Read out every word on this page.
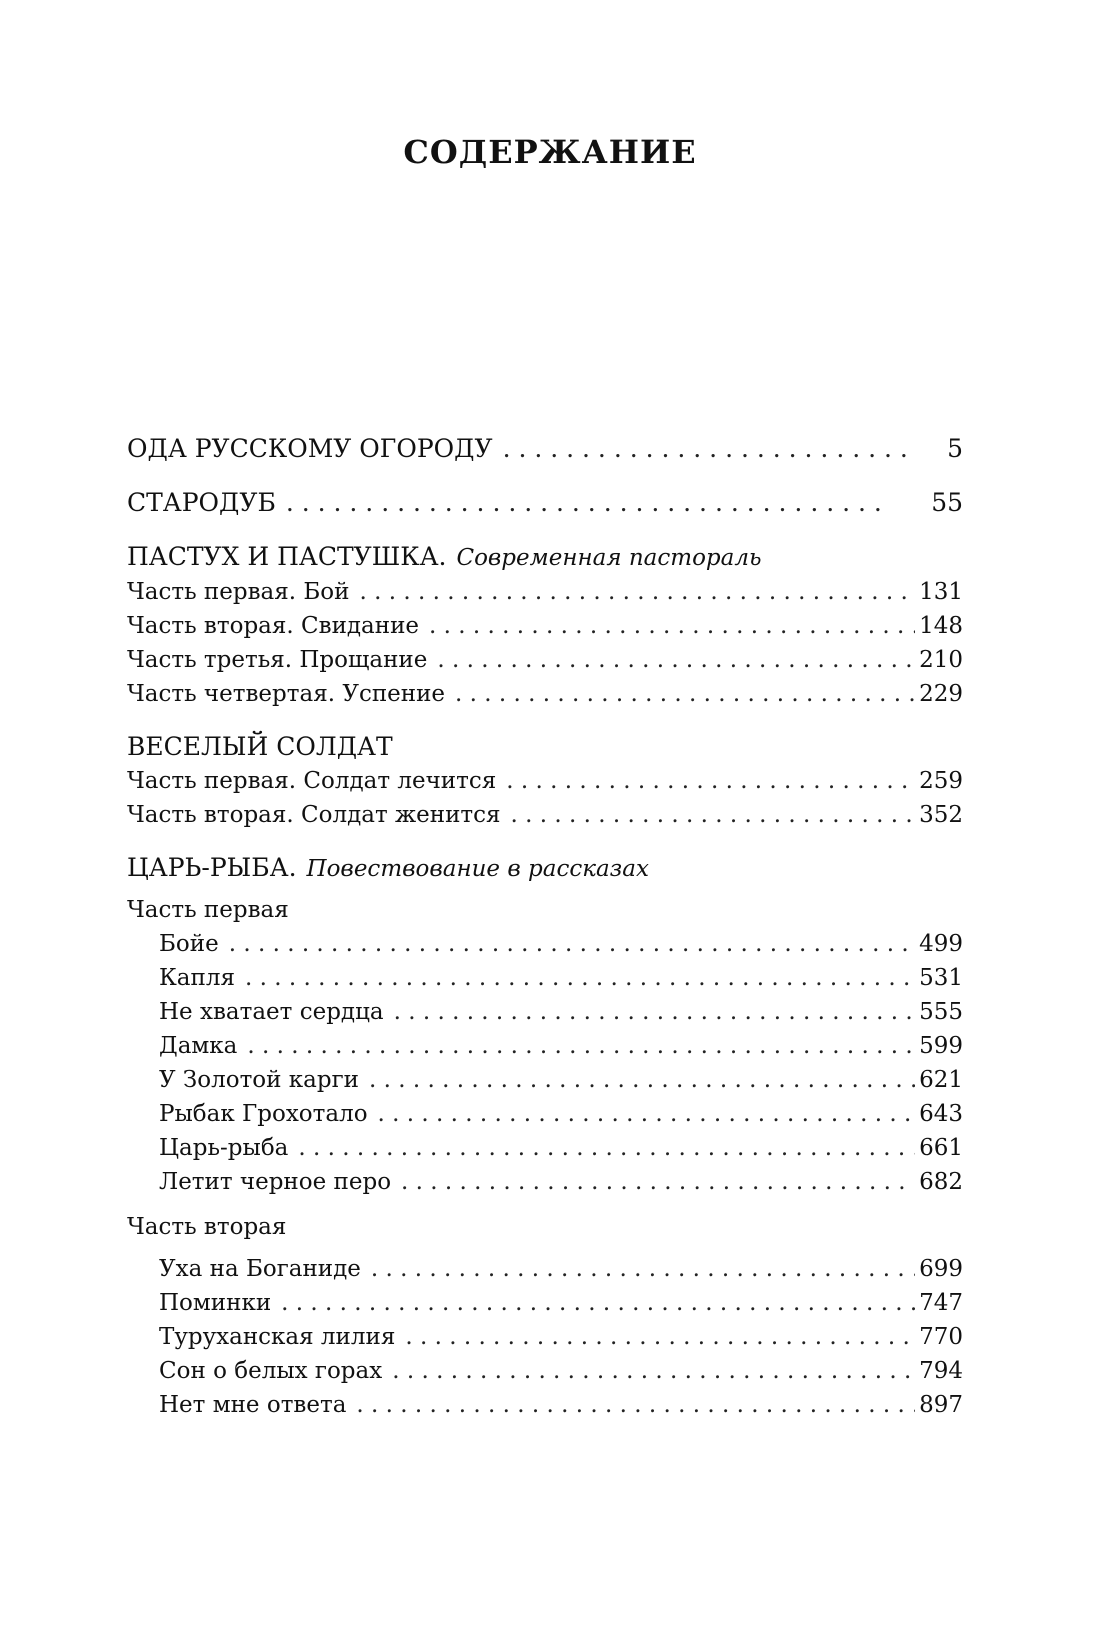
СОДЕРЖАНИЕ
ОДА РУССКОМУ ОГОРОДУ . . .	5
СТАРОДУБ . . .	55
ПАСТУХ И ПАСТУШКА. Современная пастораль
Часть первая. Бой . . .	131
Часть вторая. Свидание . . .	148
Часть третья. Прощание . . .	210
Часть четвертая. Успение . . .	229
ВЕСЕЛЫЙ СОЛДАТ
Часть первая. Солдат лечится . . .	259
Часть вторая. Солдат женится . . .	352
ЦАРЬ-РЫБА. Повествование в рассказах
Часть первая
Бойе . . .	499
Капля . . .	531
Не хватает сердца . . .	555
Дамка . . .	599
У Золотой карги . . .	621
Рыбак Грохотало . . .	643
Царь-рыба . . .	661
Летит черное перо . . .	682
Часть вторая
Уха на Боганиде . . .	699
Поминки . . .	747
Туруханская лилия . . .	770
Сон о белых горах . . .	794
Нет мне ответа . . .	897
